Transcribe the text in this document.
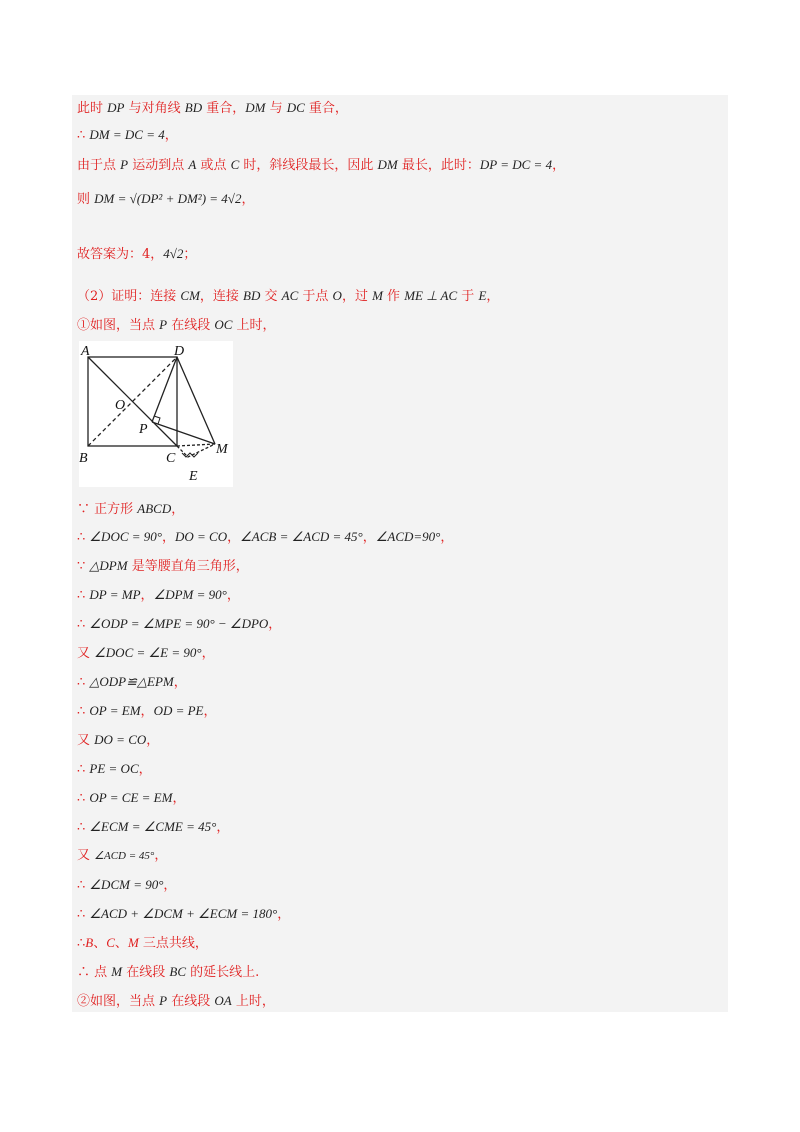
此时 DP 与对角线 BD 重合，DM 与 DC 重合，
∴ DM = DC = 4，
由于点 P 运动到点 A 或点 C 时，斜线段最长，因此 DM 最长，此时：DP = DC = 4，
则 DM = √(DP² + DM²) = 4√2，
故答案为：4，4√2；
（2）证明：连接 CM，连接 BD 交 AC 于点 O，过 M 作 ME ⊥ AC 于 E，
①如图，当点 P 在线段 OC 上时，
∵ 正方形 ABCD，
∴ ∠DOC = 90°，DO = CO，∠ACB = ∠ACD = 45°，∠ACD=90°，
∵ △DPM 是等腰直角三角形，
∴ DP = MP，∠DPM = 90°，
∴ ∠ODP = ∠MPE = 90° − ∠DPO，
又 ∠DOC = ∠E = 90°，
∴ △ODP≌△EPM，
∴ OP = EM，OD = PE，
又 DO = CO，
∴ PE = OC，
∴ OP = CE = EM，
∴ ∠ECM = ∠CME = 45°，
又 ∠ACD = 45°，
∴ ∠DCM = 90°，
∴ ∠ACD + ∠DCM + ∠ECM = 180°，
∴B、C、M 三点共线，
∴ 点 M 在线段 BC 的延长线上.
②如图，当点 P 在线段 OA 上时，
A	D
O
P
B	C
M
E
